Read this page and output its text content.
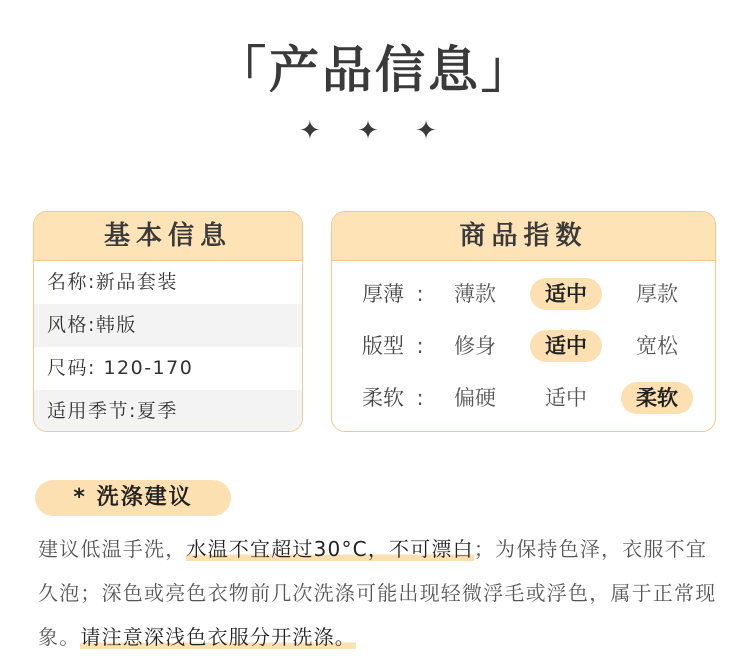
「产品信息」
✦ ✦ ✦
基本信息
名称:新品套装
风格:韩版
尺码: 120-170
适用季节:夏季
商品指数
厚薄 :	薄款	适中	厚款
版型 :	修身	适中	宽松
柔软 :	偏硬	适中	柔软
* 洗涤建议
建议低温手洗，水温不宜超过30°C，不可漂白；为保持色泽，衣服不宜久泡；深色或亮色衣物前几次洗涤可能出现轻微浮毛或浮色，属于正常现象。请注意深浅色衣服分开洗涤。
